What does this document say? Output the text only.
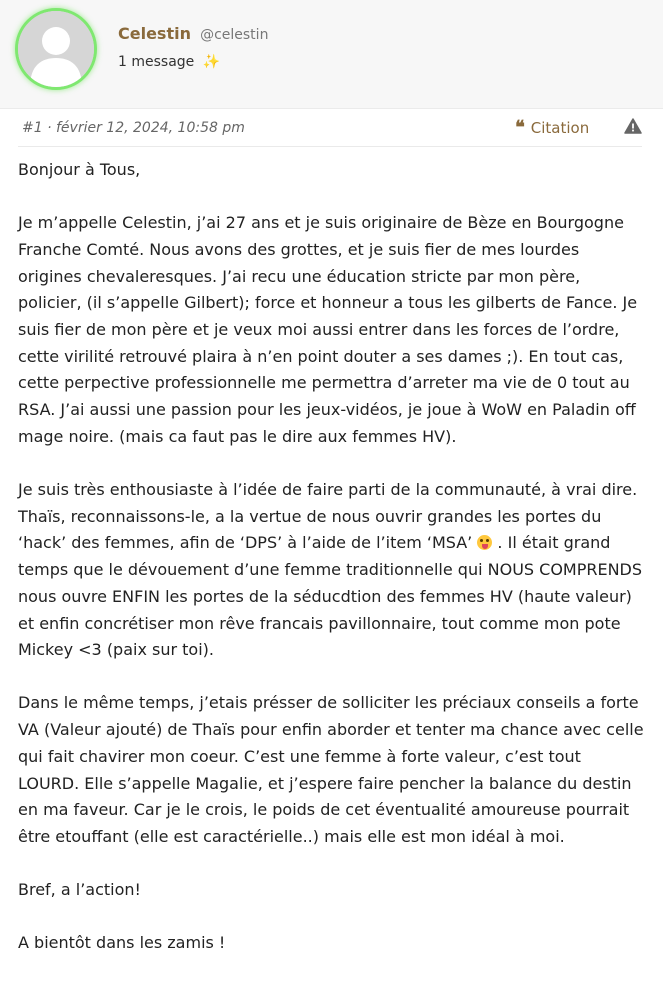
Celestin @celestin
1 message ✨
#1 · février 12, 2024, 10:58 pm	❝ Citation

Bonjour à Tous,

Je m’appelle Celestin, j’ai 27 ans et je suis originaire de Bèze en Bourgogne Franche Comté. Nous avons des grottes, et je suis fier de mes lourdes origines chevaleresques. J’ai recu une éducation stricte par mon père, policier, (il s’appelle Gilbert); force et honneur a tous les gilberts de Fance. Je suis fier de mon père et je veux moi aussi entrer dans les forces de l’ordre, cette virilité retrouvé plaira à n’en point douter a ses dames ;). En tout cas, cette perpective professionnelle me permettra d’arreter ma vie de 0 tout au RSA. J’ai aussi une passion pour les jeux-vidéos, je joue à WoW en Paladin off mage noire. (mais ca faut pas le dire aux femmes HV).

Je suis très enthousiaste à l’idée de faire parti de la communauté, à vrai dire. Thaïs, reconnaissons-le, a la vertue de nous ouvrir grandes les portes du ‘hack’ des femmes, afin de ‘DPS’ à l’aide de l’item ‘MSA’
. Il était grand temps que le dévouement d’une femme traditionnelle qui NOUS COMPRENDS nous ouvre ENFIN les portes de la séducdtion des femmes HV (haute valeur) et enfin concrétiser mon rêve francais pavillonnaire, tout comme mon pote Mickey <3 (paix sur toi).

Dans le même temps, j’etais présser de solliciter les préciaux conseils a forte VA (Valeur ajouté) de Thaïs pour enfin aborder et tenter ma chance avec celle qui fait chavirer mon coeur. C’est une femme à forte valeur, c’est tout LOURD. Elle s’appelle Magalie, et j’espere faire pencher la balance du destin en ma faveur. Car je le crois, le poids de cet éventualité amoureuse pourrait être etouffant (elle est caractérielle..) mais elle est mon idéal à moi.

Bref, a l’action!

A bientôt dans les zamis !
